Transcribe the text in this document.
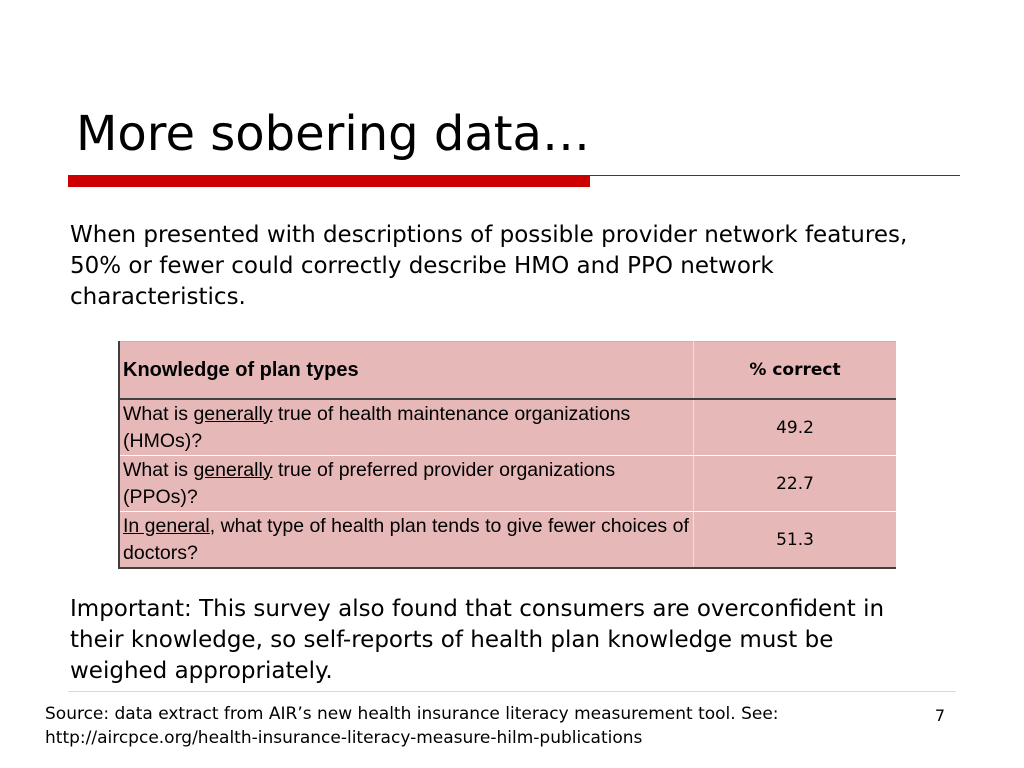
More sobering data…
When presented with descriptions of possible provider network features, 50% or fewer could correctly describe HMO and PPO network characteristics.
Knowledge of plan types	% correct
What is generally true of health maintenance organizations (HMOs)?	49.2
What is generally true of preferred provider organizations (PPOs)?	22.7
In general, what type of health plan tends to give fewer choices of doctors?	51.3
Important: This survey also found that consumers are overconfident in their knowledge, so self-reports of health plan knowledge must be weighed appropriately.
Source: data extract from AIR’s new health insurance literacy measurement tool. See:
http://aircpce.org/health-insurance-literacy-measure-hilm-publications
7
